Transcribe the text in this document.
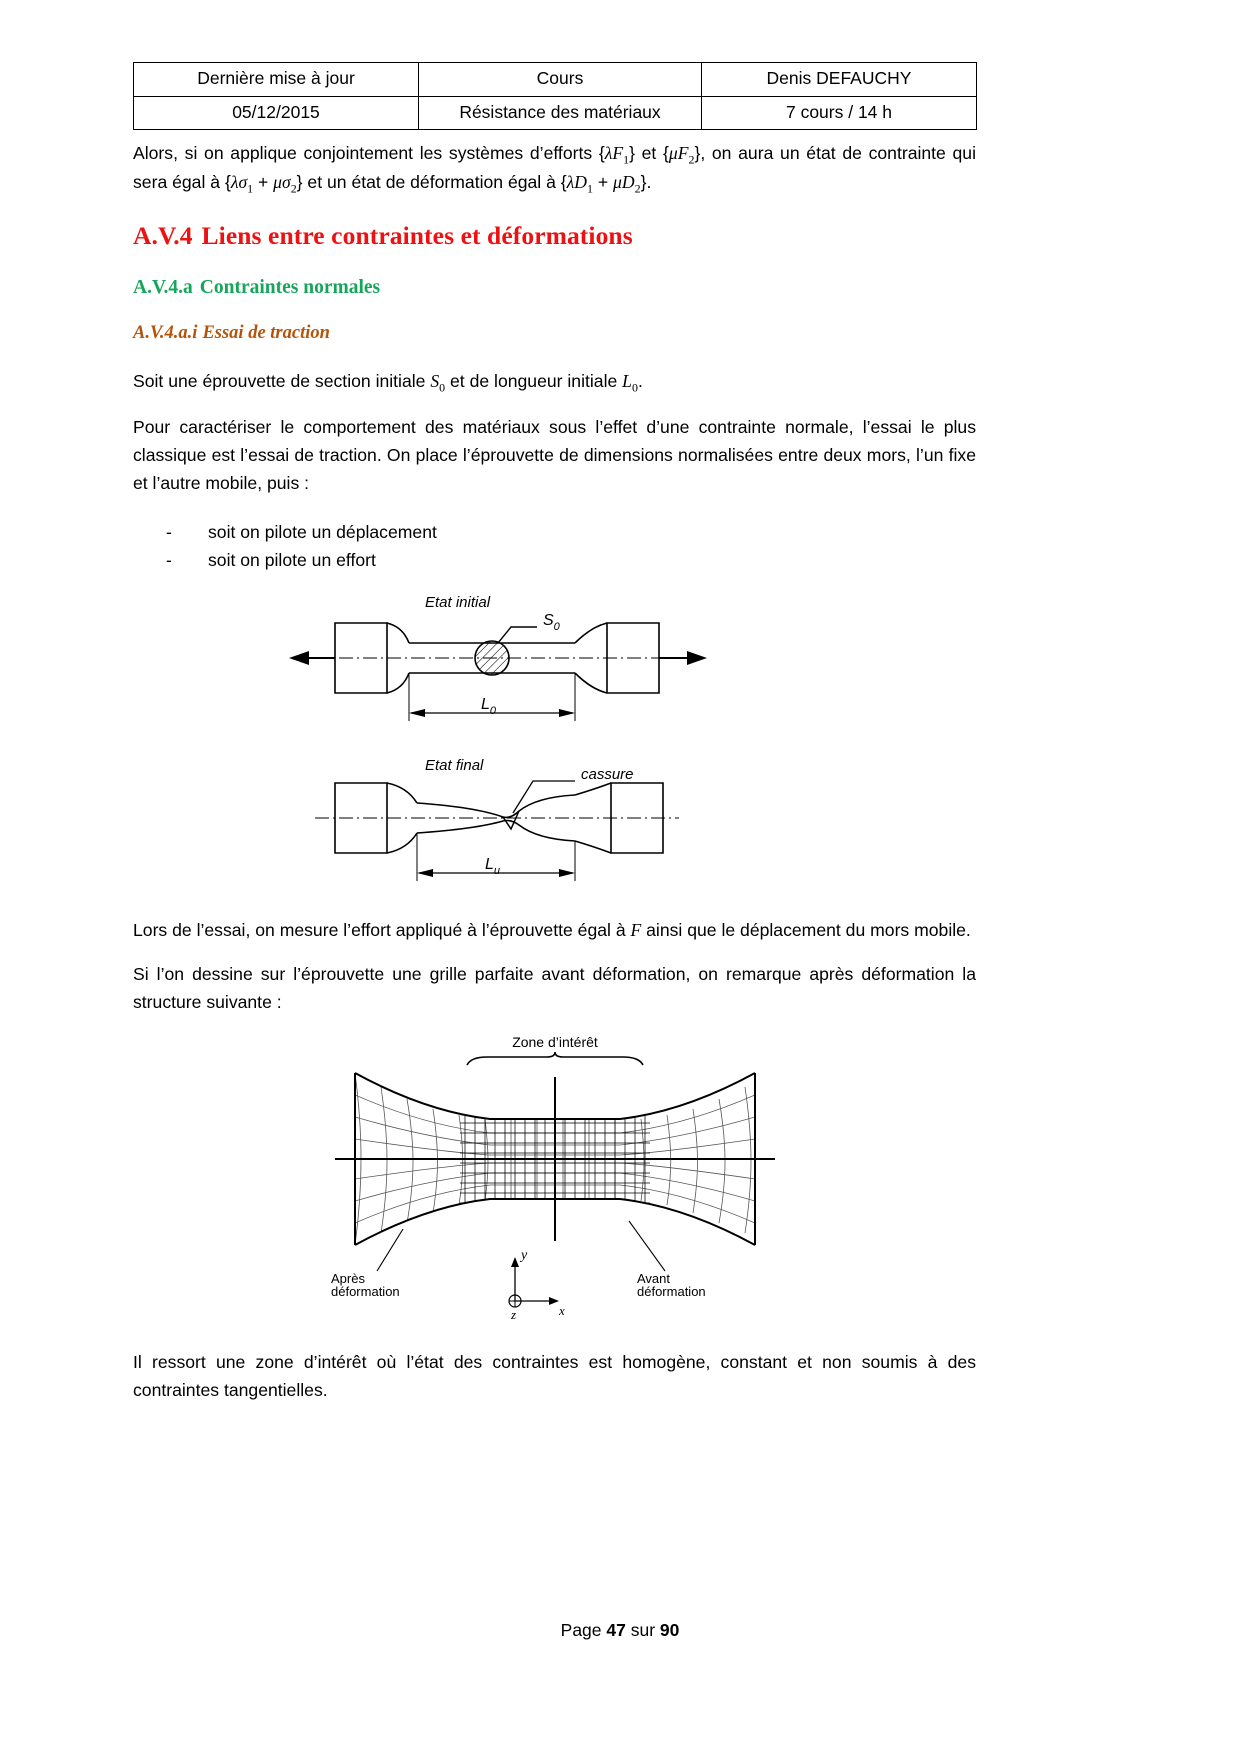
Dernière mise à jour	Cours	Denis DEFAUCHY
05/12/2015	Résistance des matériaux	7 cours / 14 h

Alors, si on applique conjointement les systèmes d’efforts $\{\lambda F_1\}$ et $\{\mu F_2\}$, on aura un état de contrainte qui sera égal à $\{\lambda\sigma_1 + \mu\sigma_2\}$ et un état de déformation égal à $\{\lambda D_1 + \mu D_2\}$.

A.V.4 Liens entre contraintes et déformations
A.V.4.a Contraintes normales
A.V.4.a.i Essai de traction

Soit une éprouvette de section initiale $S_0$ et de longueur initiale $L_0$.

Pour caractériser le comportement des matériaux sous l’effet d’une contrainte normale, l’essai le plus classique est l’essai de traction. On place l’éprouvette de dimensions normalisées entre deux mors, l’un fixe et l’autre mobile, puis :

- soit on pilote un déplacement
- soit on pilote un effort
Etat initial
$S_0$
$L_0$
Etat final
cassure
$L_u$

Lors de l’essai, on mesure l’effort appliqué à l’éprouvette égal à F ainsi que le déplacement du mors mobile.

Si l’on dessine sur l’éprouvette une grille parfaite avant déformation, on remarque après déformation la structure suivante :

Zone d’intérêt
Après déformation
Avant déformation
y
z	x

Il ressort une zone d’intérêt où l’état des contraintes est homogène, constant et non soumis à des contraintes tangentielles.

Page 47 sur 90
